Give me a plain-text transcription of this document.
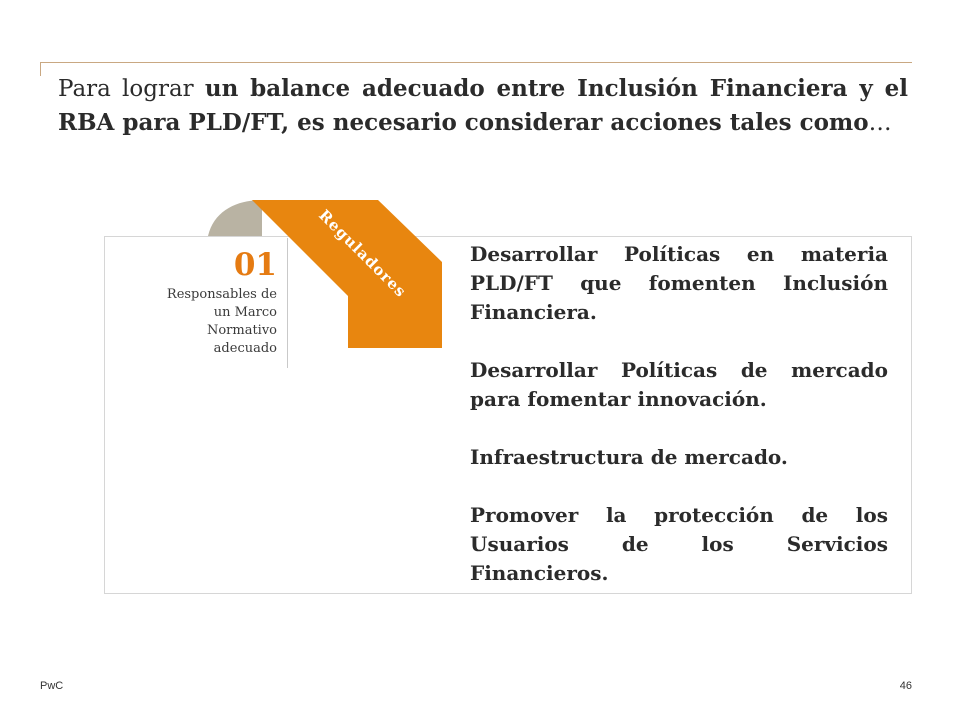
Para lograr un balance adecuado entre Inclusión Financiera y el RBA para PLD/FT, es necesario considerar acciones tales como…
Reguladores
01
Responsables de
un Marco
Normativo
adecuado

Desarrollar Políticas en materia PLD/FT que fomenten Inclusión Financiera.

Desarrollar Políticas de mercado para fomentar innovación.

Infraestructura de mercado.

Promover la protección de los Usuarios de los Servicios Financieros.

PwC	46
